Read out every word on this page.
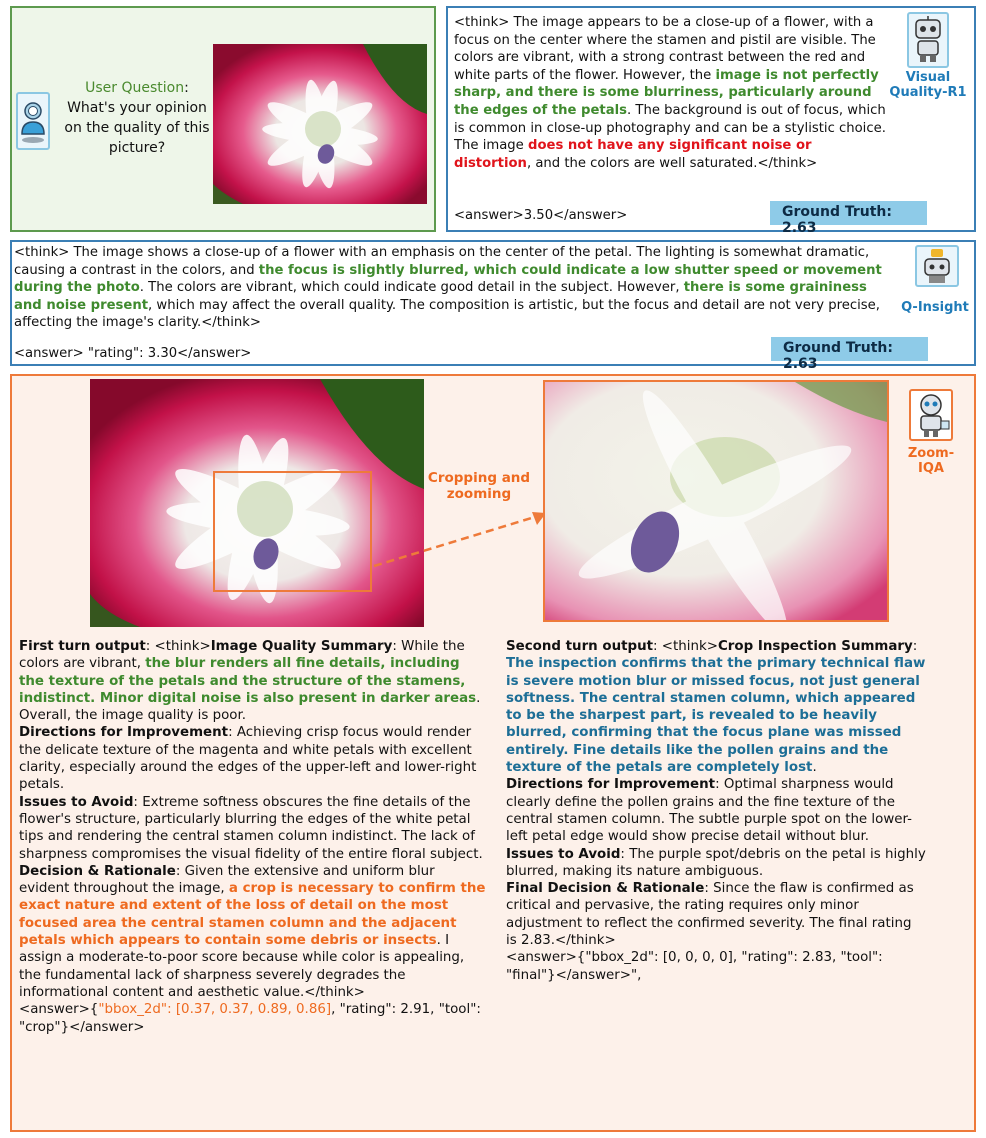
User Question: What's your opinion on the quality of this picture?
<think> The image appears to be a close-up of a flower, with a focus on the center where the stamen and pistil are visible. The colors are vibrant, with a strong contrast between the red and white parts of the flower. However, the image is not perfectly sharp, and there is some blurriness, particularly around the edges of the petals. The background is out of focus, which is common in close-up photography and can be a stylistic choice. The image does not have any significant noise or distortion, and the colors are well saturated.</think>
<answer>3.50</answer>
Visual Quality-R1
Ground Truth: 2.63
<think> The image shows a close-up of a flower with an emphasis on the center of the petal. The lighting is somewhat dramatic, causing a contrast in the colors, and the focus is slightly blurred, which could indicate a low shutter speed or movement during the photo. The colors are vibrant, which could indicate good detail in the subject. However, there is some graininess and noise present, which may affect the overall quality. The composition is artistic, but the focus and detail are not very precise, affecting the image's clarity.</think>
<answer> "rating": 3.30</answer>
Q-Insight
Ground Truth: 2.63
Cropping and zooming
Zoom-IQA
First turn output: <think>Image Quality Summary: While the colors are vibrant, the blur renders all fine details, including the texture of the petals and the structure of the stamens, indistinct. Minor digital noise is also present in darker areas. Overall, the image quality is poor.
Directions for Improvement: Achieving crisp focus would render the delicate texture of the magenta and white petals with excellent clarity, especially around the edges of the upper-left and lower-right petals.
Issues to Avoid: Extreme softness obscures the fine details of the flower's structure, particularly blurring the edges of the white petal tips and rendering the central stamen column indistinct. The lack of sharpness compromises the visual fidelity of the entire floral subject.
Decision & Rationale: Given the extensive and uniform blur evident throughout the image, a crop is necessary to confirm the exact nature and extent of the loss of detail on the most focused area the central stamen column and the adjacent petals which appears to contain some debris or insects. I assign a moderate-to-poor score because while color is appealing, the fundamental lack of sharpness severely degrades the informational content and aesthetic value.</think>
<answer>{"bbox_2d": [0.37, 0.37, 0.89, 0.86], "rating": 2.91, "tool": "crop"}</answer>
Second turn output: <think>Crop Inspection Summary: The inspection confirms that the primary technical flaw is severe motion blur or missed focus, not just general softness. The central stamen column, which appeared to be the sharpest part, is revealed to be heavily blurred, confirming that the focus plane was missed entirely. Fine details like the pollen grains and the texture of the petals are completely lost.
Directions for Improvement: Optimal sharpness would clearly define the pollen grains and the fine texture of the central stamen column. The subtle purple spot on the lower-left petal edge would show precise detail without blur.
Issues to Avoid: The purple spot/debris on the petal is highly blurred, making its nature ambiguous.
Final Decision & Rationale: Since the flaw is confirmed as critical and pervasive, the rating requires only minor adjustment to reflect the confirmed severity. The final rating is 2.83.</think>
<answer>{"bbox_2d": [0, 0, 0, 0], "rating": 2.83, "tool": "final"}</answer>",
